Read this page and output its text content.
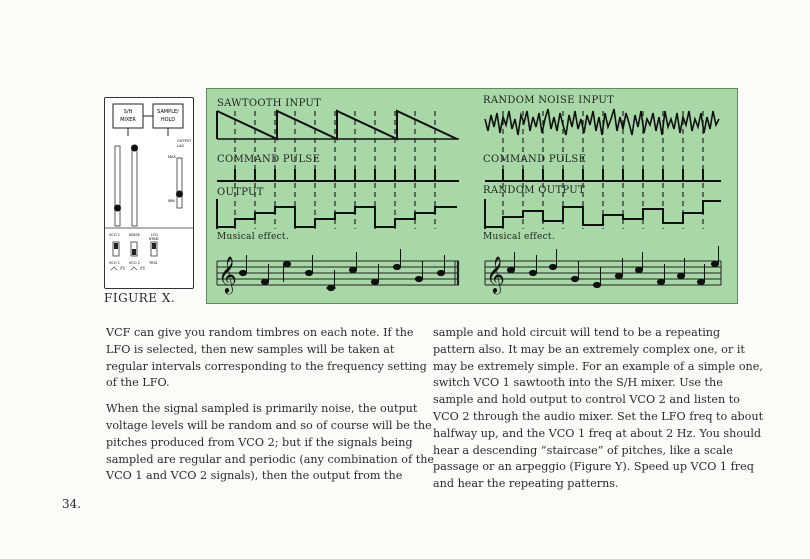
S/H
MIXER
SAMPLE/
HOLD
OUTPUT
LAG
MAX
MIN
VCO 1	NOISE	LFO
VCO 1	VCO 2
KYBD
TRIG
FIGURE X.
𝄞	𝄞
SAWTOOTH INPUT
COMMAND PULSE
OUTPUT
Musical effect.
RANDOM NOISE INPUT
COMMAND PULSE
RANDOM OUTPUT
Musical effect.

VCF can give you random timbres on each note. If the LFO is selected, then new samples will be taken at regular intervals corresponding to the frequency setting of the LFO.

When the signal sampled is primarily noise, the output voltage levels will be random and so of course will be the pitches produced from VCO 2; but if the signals being sampled are regular and periodic (any combination of the VCO 1 and VCO 2 signals), then the output from the

sample and hold circuit will tend to be a repeating pattern also. It may be an extremely complex one, or it may be extremely simple. For an example of a simple one, switch VCO 1 sawtooth into the S/H mixer. Use the sample and hold output to control VCO 2 and listen to VCO 2 through the audio mixer. Set the LFO freq to about halfway up, and the VCO 1 freq at about 2 Hz. You should hear a descending “staircase” of pitches, like a scale passage or an arpeggio (Figure Y). Speed up VCO 1 freq and hear the repeating patterns.

34.
